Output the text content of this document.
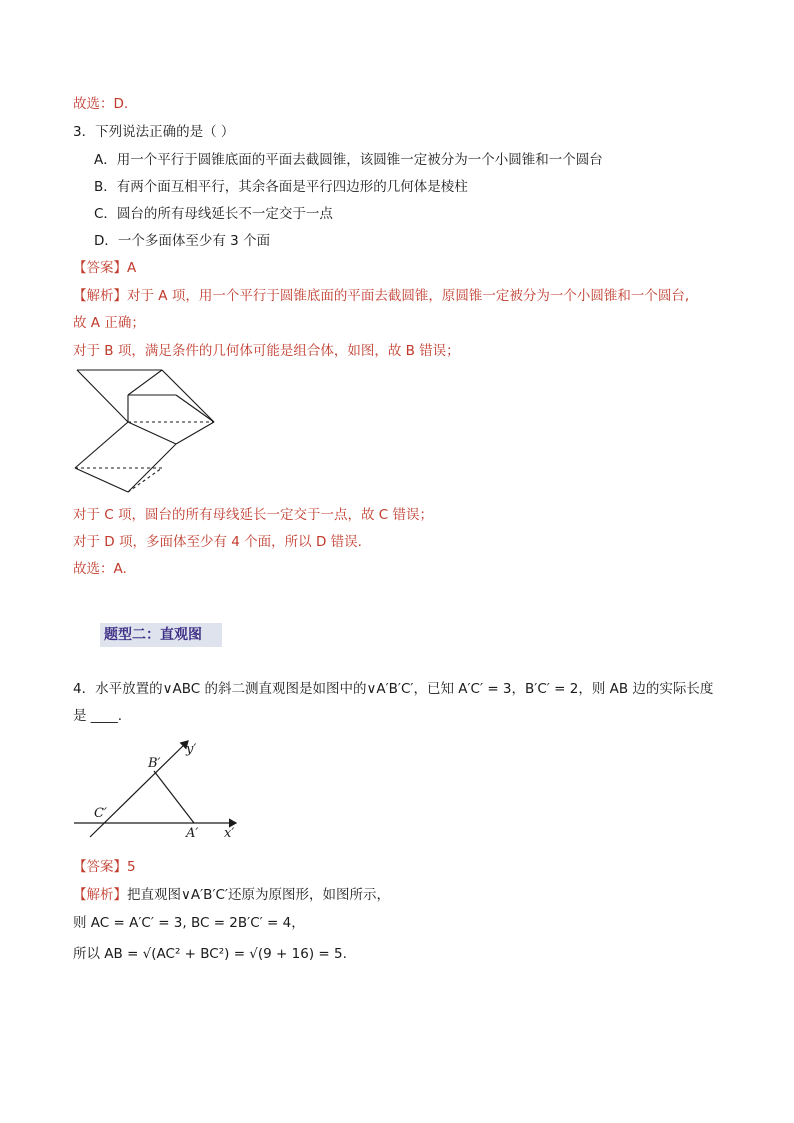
故选：D.
3．下列说法正确的是（ ）
A．用一个平行于圆锥底面的平面去截圆锥，该圆锥一定被分为一个小圆锥和一个圆台
B．有两个面互相平行，其余各面是平行四边形的几何体是棱柱
C．圆台的所有母线延长不一定交于一点
D．一个多面体至少有 3 个面
【答案】A
【解析】对于 A 项，用一个平行于圆锥底面的平面去截圆锥，原圆锥一定被分为一个小圆锥和一个圆台,
故 A 正确；
对于 B 项，满足条件的几何体可能是组合体，如图，故 B 错误；
对于 C 项，圆台的所有母线延长一定交于一点，故 C 错误；
对于 D 项，多面体至少有 4 个面，所以 D 错误.
故选：A.
题型二：直观图
4．水平放置的∨ABC 的斜二测直观图是如图中的∨A′B′C′，已知 A′C′ = 3，B′C′ = 2，则 AB 边的实际长度
是 ____.
B′
C′
A′ x′
y′
【答案】5
【解析】把直观图∨A′B′C′还原为原图形，如图所示，
则 AC = A′C′ = 3, BC = 2B′C′ = 4，
所以 AB = √(AC² + BC²) = √(9 + 16) = 5.
